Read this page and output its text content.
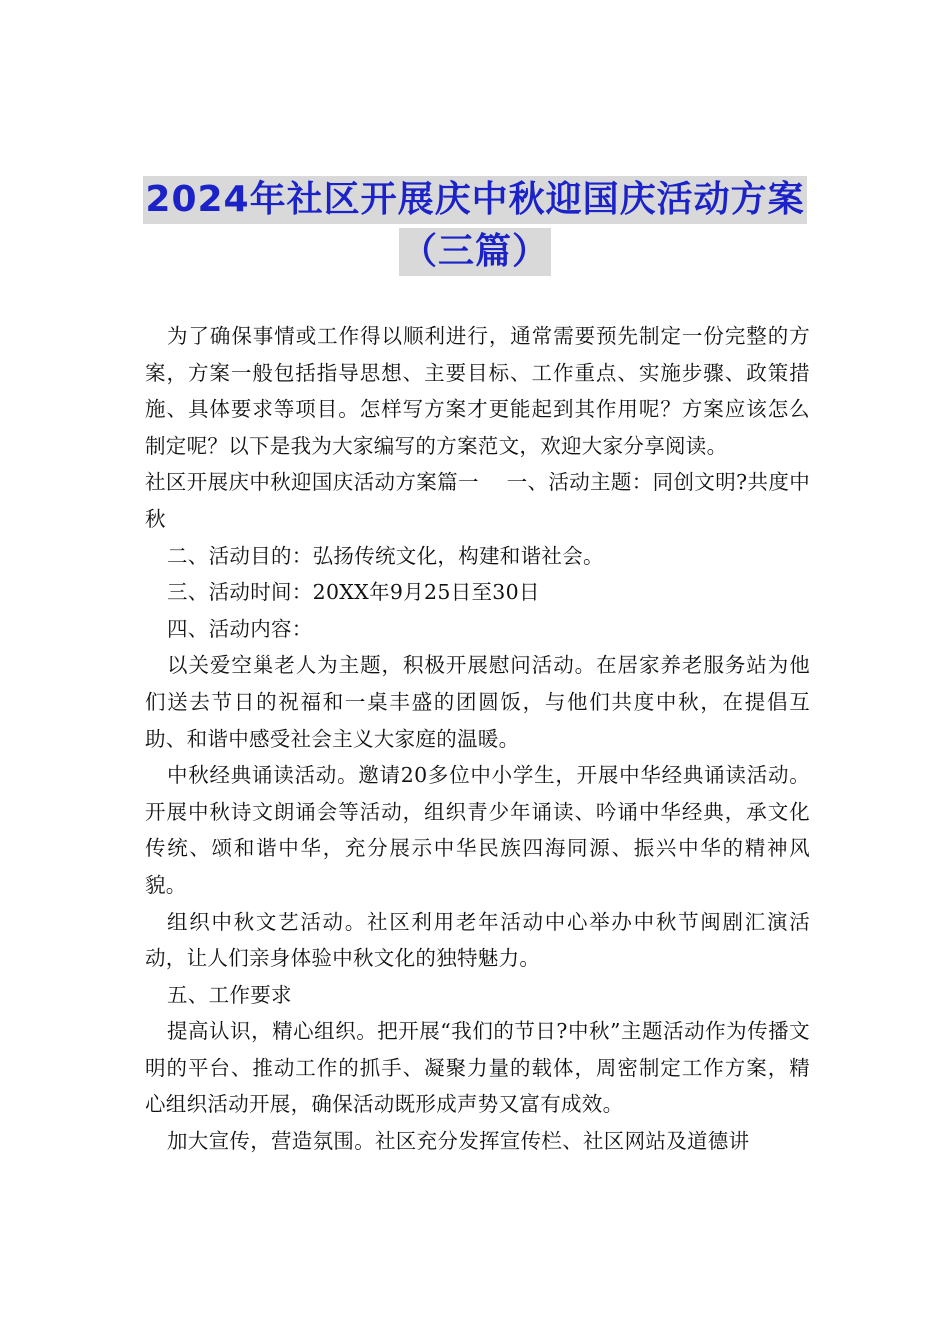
2024年社区开展庆中秋迎国庆活动方案
（三篇）

为了确保事情或工作得以顺利进行，通常需要预先制定一份完整的方案，方案一般包括指导思想、主要目标、工作重点、实施步骤、政策措施、具体要求等项目。怎样写方案才更能起到其作用呢？方案应该怎么制定呢？以下是我为大家编写的方案范文，欢迎大家分享阅读。

社区开展庆中秋迎国庆活动方案篇一　 一、活动主题：同创文明?共度中秋

二、活动目的：弘扬传统文化，构建和谐社会。

三、活动时间：20XX年9月25日至30日

四、活动内容：

以关爱空巢老人为主题，积极开展慰问活动。在居家养老服务站为他们送去节日的祝福和一桌丰盛的团圆饭，与他们共度中秋，在提倡互助、和谐中感受社会主义大家庭的温暖。

中秋经典诵读活动。邀请20多位中小学生，开展中华经典诵读活动。开展中秋诗文朗诵会等活动，组织青少年诵读、吟诵中华经典，承文化传统、颂和谐中华，充分展示中华民族四海同源、振兴中华的精神风貌。

组织中秋文艺活动。社区利用老年活动中心举办中秋节闽剧汇演活动，让人们亲身体验中秋文化的独特魅力。

五、工作要求

提高认识，精心组织。把开展“我们的节日?中秋”主题活动作为传播文明的平台、推动工作的抓手、凝聚力量的载体，周密制定工作方案，精心组织活动开展，确保活动既形成声势又富有成效。

加大宣传，营造氛围。社区充分发挥宣传栏、社区网站及道德讲
